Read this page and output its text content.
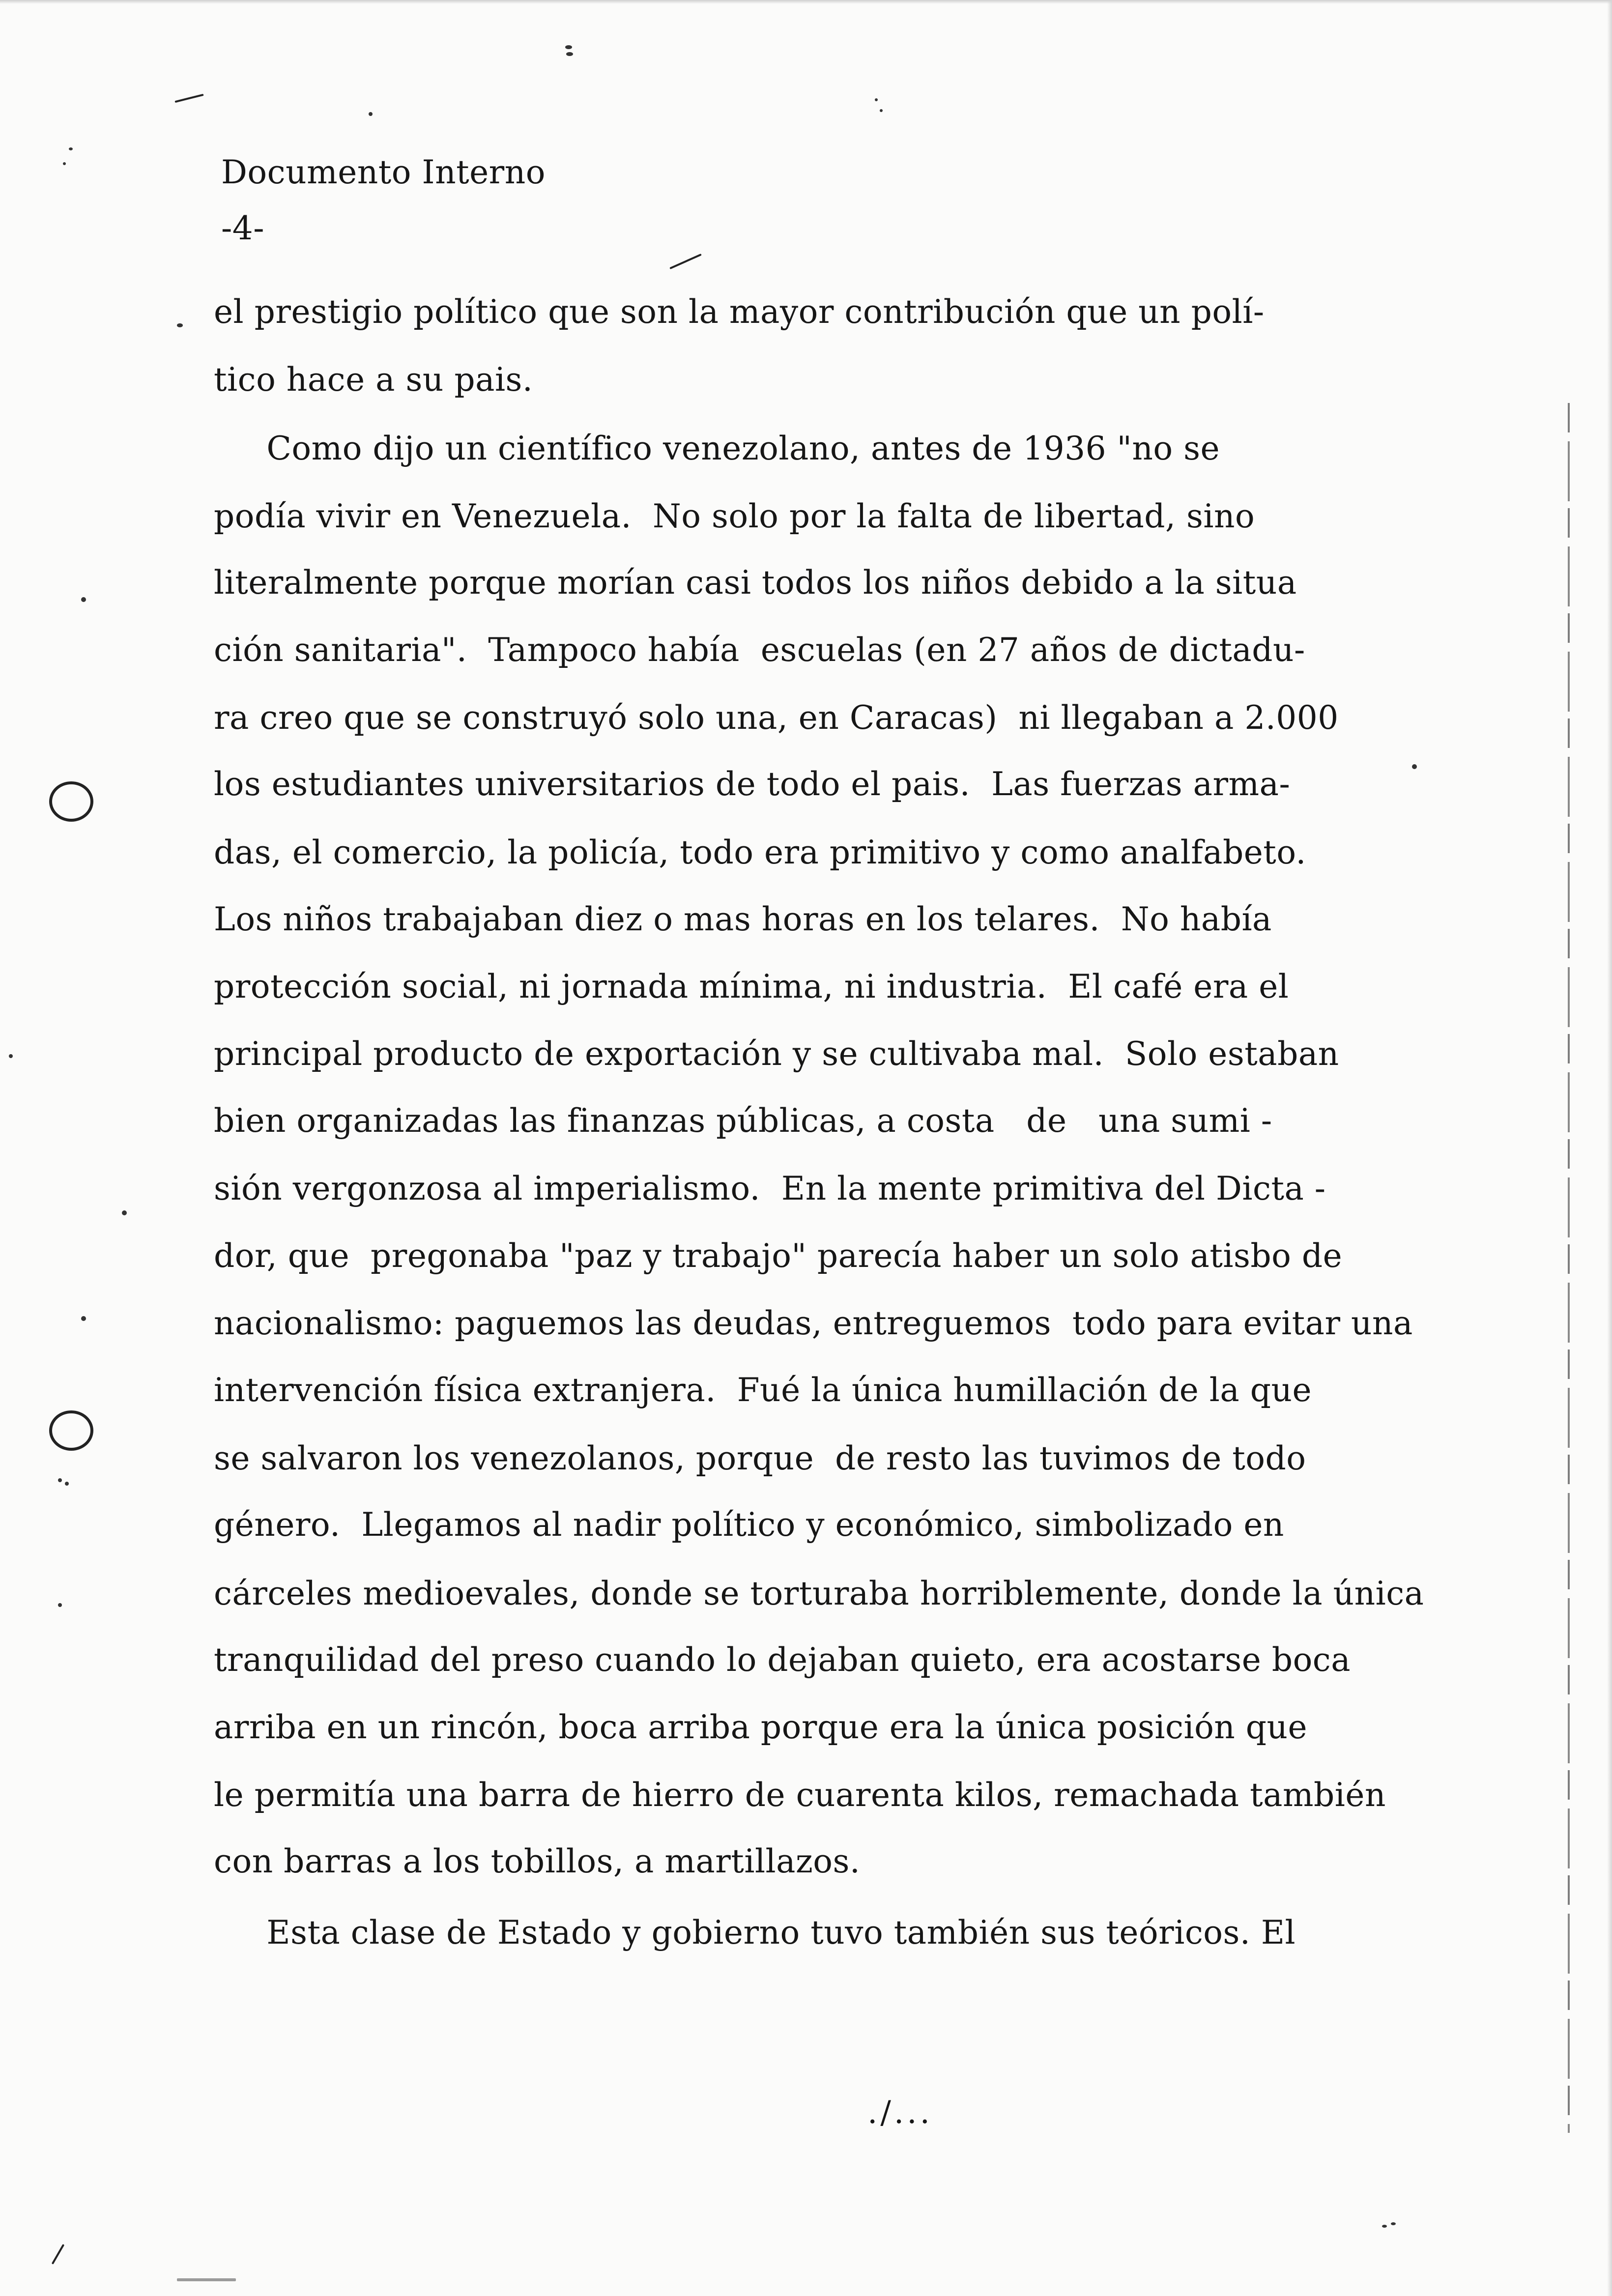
Documento Interno
-4-
el prestigio político que son la mayor contribución que un polí-
tico hace a su pais.
Como dijo un científico venezolano, antes de 1936 "no se
podía vivir en Venezuela.  No solo por la falta de libertad, sino
literalmente porque morían casi todos los niños debido a la situa
ción sanitaria".  Tampoco había  escuelas (en 27 años de dictadu-
ra creo que se construyó solo una, en Caracas)  ni llegaban a 2.000
los estudiantes universitarios de todo el pais.  Las fuerzas arma-
das, el comercio, la policía, todo era primitivo y como analfabeto.
Los niños trabajaban diez o mas horas en los telares.  No había
protección social, ni jornada mínima, ni industria.  El café era el
principal producto de exportación y se cultivaba mal.  Solo estaban
bien organizadas las finanzas públicas, a costa   de   una sumi -
sión vergonzosa al imperialismo.  En la mente primitiva del Dicta -
dor, que  pregonaba "paz y trabajo" parecía haber un solo atisbo de
nacionalismo: paguemos las deudas, entreguemos  todo para evitar una
intervención física extranjera.  Fué la única humillación de la que
se salvaron los venezolanos, porque  de resto las tuvimos de todo
género.  Llegamos al nadir político y económico, simbolizado en
cárceles medioevales, donde se torturaba horriblemente, donde la única
tranquilidad del preso cuando lo dejaban quieto, era acostarse boca
arriba en un rincón, boca arriba porque era la única posición que
le permitía una barra de hierro de cuarenta kilos, remachada también
con barras a los tobillos, a martillazos.
Esta clase de Estado y gobierno tuvo también sus teóricos. El
./...
